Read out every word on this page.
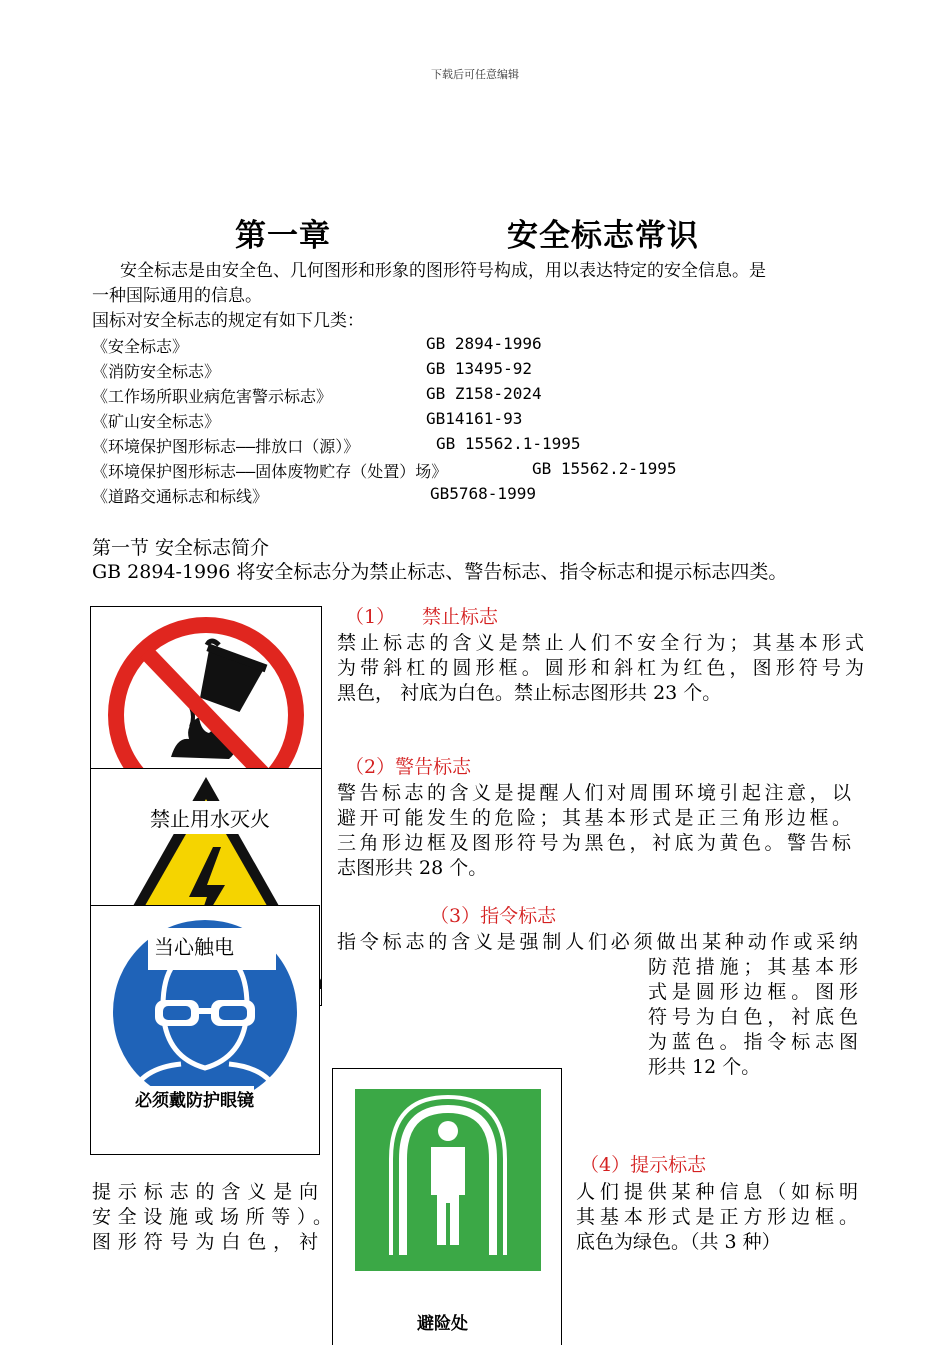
下载后可任意编辑
第一章	安全标志常识
安全标志是由安全色、几何图形和形象的图形符号构成，用以表达特定的安全信息。是
一种国际通用的信息。
国标对安全标志的规定有如下几类：
《安全标志》	GB 2894-1996
《消防安全标志》	GB 13495-92
《工作场所职业病危害警示标志》	GB Z158-2024
《矿山安全标志》	GB14161-93
《环境保护图形标志——排放口（源）》	GB 15562.1-1995
《环境保护图形标志——固体废物贮存（处置）场》	GB 15562.2-1995
《道路交通标志和标线》	GB5768-1999
第一节 安全标志简介
GB 2894-1996 将安全标志分为禁止标志、警告标志、指令标志和提示标志四类。
禁止用水灭火
必须戴防护眼镜
当心触电
避险处
（1） 禁止标志
禁止标志的含义是禁止人们不安全行为；其基本形式
为带斜杠的圆形框。圆形和斜杠为红色，图形符号为
黑色， 衬底为白色。禁止标志图形共 23 个。
（2）警告标志
警告标志的含义是提醒人们对周围环境引起注意，以
避开可能发生的危险；其基本形式是正三角形边框。
三角形边框及图形符号为黑色，衬底为黄色。警告标
志图形共 28 个。
（3）指令标志
指令标志的含义是强制人们必须做出某种动作或采纳
防范措施；其基本形
式是圆形边框。图形
符号为白色，衬底色
为蓝色。指令标志图
形共 12 个。
（4）提示标志
提示标志的含义是向
安全设施或场所等）。
图形符号为白色，衬
人们提供某种信息（如标明
其基本形式是正方形边框。
底色为绿色。（共 3 种）
